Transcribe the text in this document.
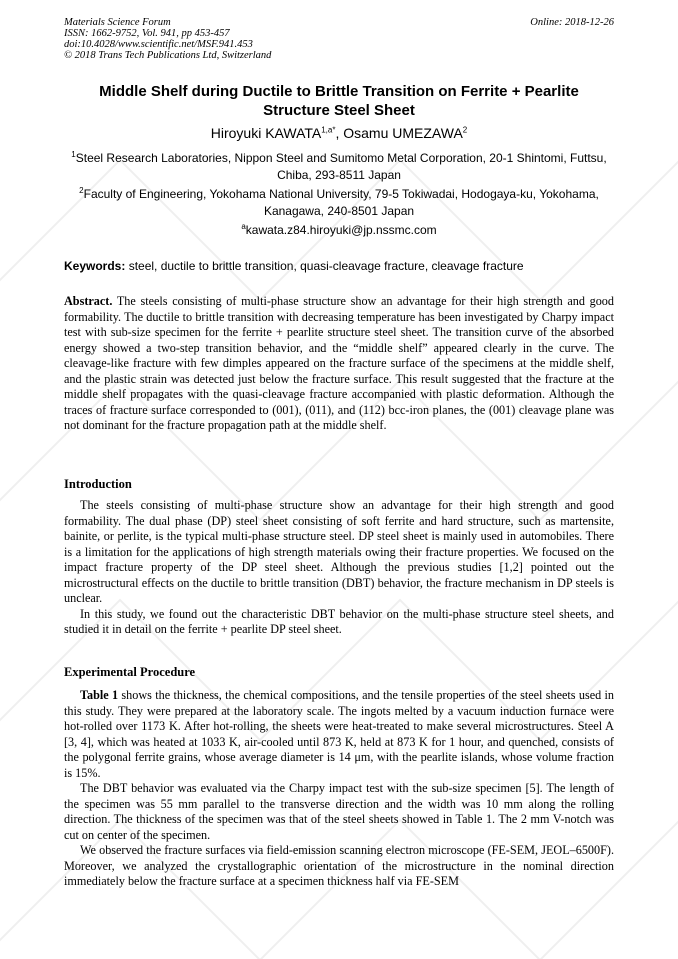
Materials Science Forum
ISSN: 1662-9752, Vol. 941, pp 453-457
doi:10.4028/www.scientific.net/MSF.941.453
© 2018 Trans Tech Publications Ltd, Switzerland
Online: 2018-12-26
Middle Shelf during Ductile to Brittle Transition on Ferrite + Pearlite Structure Steel Sheet
Hiroyuki $KAWATA^{1,a*}$, Osamu UMEZAWA$^2$
$^1$Steel Research Laboratories, Nippon Steel and Sumitomo Metal Corporation, 20-1 Shintomi, Futtsu, Chiba, 293-8511 Japan
$^2$Faculty of Engineering, Yokohama National University, 79-5 Tokiwadai, Hodogaya-ku, Yokohama, Kanagawa, 240-8501 Japan
$^a$kawata.z84.hiroyuki@jp.nssmc.com
Keywords: steel, ductile to brittle transition, quasi-cleavage fracture, cleavage fracture

Abstract. The steels consisting of multi-phase structure show an advantage for their high strength and good formability. The ductile to brittle transition with decreasing temperature has been investigated by Charpy impact test with sub-size specimen for the ferrite + pearlite structure steel sheet. The transition curve of the absorbed energy showed a two-step transition behavior, and the “middle shelf” appeared clearly in the curve. The cleavage-like fracture with few dimples appeared on the fracture surface of the specimens at the middle shelf, and the plastic strain was detected just below the fracture surface. This result suggested that the fracture at the middle shelf propagates with the quasi-cleavage fracture accompanied with plastic deformation. Although the traces of fracture surface corresponded to (001), (011), and (112) bcc-iron planes, the (001) cleavage plane was not dominant for the fracture propagation path at the middle shelf.

Introduction

The steels consisting of multi-phase structure show an advantage for their high strength and good formability. The dual phase (DP) steel sheet consisting of soft ferrite and hard structure, such as martensite, bainite, or perlite, is the typical multi-phase structure steel. DP steel sheet is mainly used in automobiles. There is a limitation for the applications of high strength materials owing their fracture properties. We focused on the impact fracture property of the DP steel sheet. Although the previous studies [1,2] pointed out the microstructural effects on the ductile to brittle transition (DBT) behavior, the fracture mechanism in DP steels is unclear.

In this study, we found out the characteristic DBT behavior on the multi-phase structure steel sheets, and studied it in detail on the ferrite + pearlite DP steel sheet.

Experimental Procedure

Table 1 shows the thickness, the chemical compositions, and the tensile properties of the steel sheets used in this study. They were prepared at the laboratory scale. The ingots melted by a vacuum induction furnace were hot-rolled over 1173 K. After hot-rolling, the sheets were heat-treated to make several microstructures. Steel A [3, 4], which was heated at 1033 K, air-cooled until 873 K, held at 873 K for 1 hour, and quenched, consists of the polygonal ferrite grains, whose average diameter is 14 μm, with the pearlite islands, whose volume fraction is 15%.

The DBT behavior was evaluated via the Charpy impact test with the sub-size specimen [5]. The length of the specimen was 55 mm parallel to the transverse direction and the width was 10 mm along the rolling direction. The thickness of the specimen was that of the steel sheets showed in Table 1. The 2 mm V-notch was cut on center of the specimen.

We observed the fracture surfaces via field-emission scanning electron microscope (FE-SEM, JEOL–6500F). Moreover, we analyzed the crystallographic orientation of the microstructure in the nominal direction immediately below the fracture surface at a specimen thickness half via FE-SEM
